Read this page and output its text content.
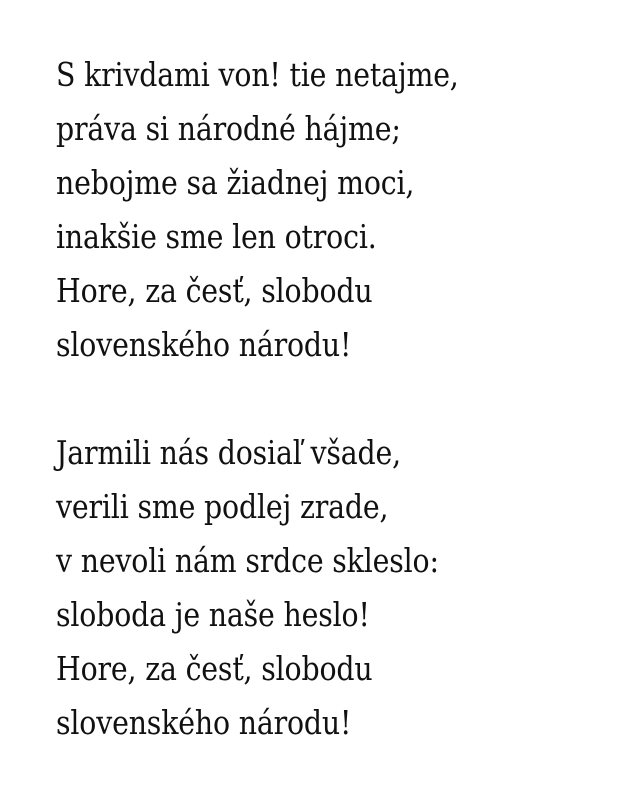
S krivdami von! tie netajme,
práva si národné hájme;
nebojme sa žiadnej moci,
inakšie sme len otroci.
Hore, za česť, slobodu
slovenského národu!
Jarmili nás dosiaľ všade,
verili sme podlej zrade,
v nevoli nám srdce skleslo:
sloboda je naše heslo!
Hore, za česť, slobodu
slovenského národu!
